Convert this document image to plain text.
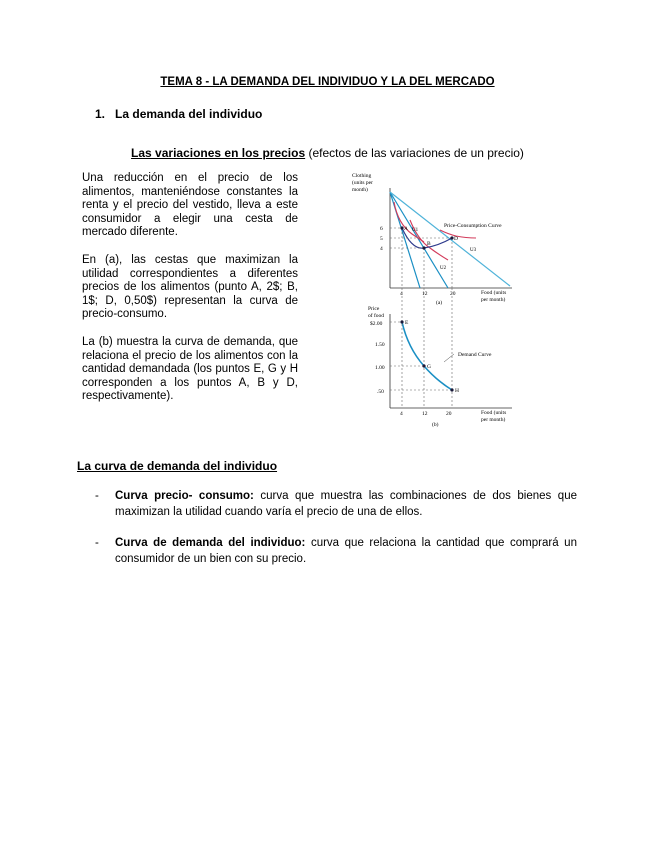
TEMA 8 - LA DEMANDA DEL INDIVIDUO Y LA DEL MERCADO
1. La demanda del individuo
Las variaciones en los precios (efectos de las variaciones de un precio)

Una reducción en el precio de los alimentos, manteniéndose constantes la renta y el precio del vestido, lleva a este consumidor a elegir una cesta de mercado diferente.

En (a), las cestas que maximizan la utilidad correspondientes a diferentes precios de los alimentos (punto A, 2$; B, 1$; D, 0,50$) representan la curva de precio-consumo.

La (b) muestra la curva de demanda, que relaciona el precio de los alimentos con la cantidad demandada (los puntos E, G y H corresponden a los puntos A, B y D, respectivamente).

Clothing
(units per
month)
A
B
D
6
5
4
4	12	20
(a)
Food (units
per month)
Price-Consumption Curve
U1
U2
U3
Price
of food
E
G
H
$2.00
1.50
1.00
.50
4	12	20
(b)
Food (units
per month)
Demand Curve
La curva de demanda del individuo
- Curva precio- consumo: curva que muestra las combinaciones de dos bienes que maximizan la utilidad cuando varía el precio de una de ellos.
- Curva de demanda del individuo: curva que relaciona la cantidad que comprará un consumidor de un bien con su precio.
